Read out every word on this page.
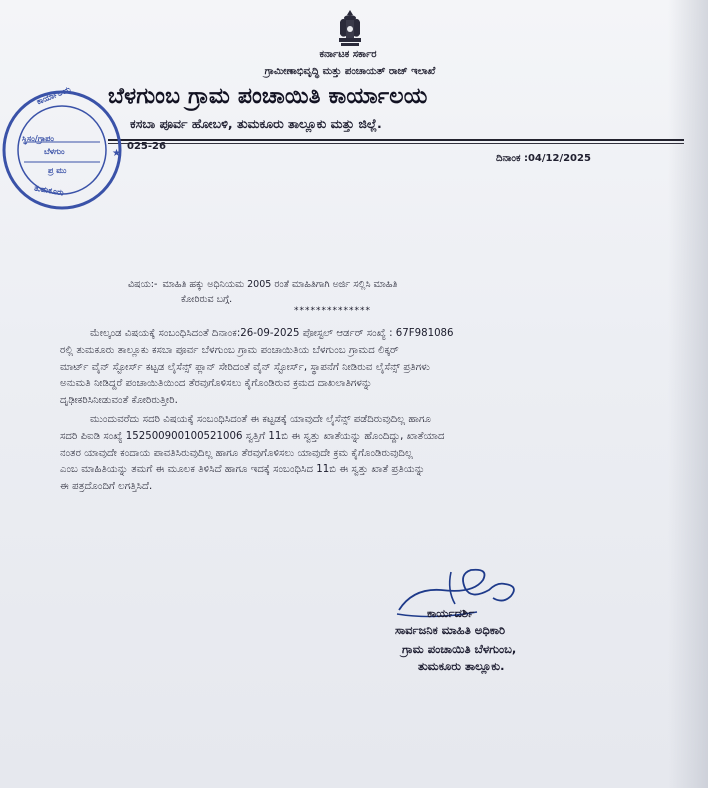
ಕರ್ನಾಟಕ ಸರ್ಕಾರ
ಗ್ರಾಮೀಣಾಭಿವೃದ್ಧಿ ಮತ್ತು ಪಂಚಾಯತ್ ರಾಜ್ ಇಲಾಖೆ
ಬೆಳಗುಂಬ ಗ್ರಾಮ ಪಂಚಾಯಿತಿ ಕಾರ್ಯಾಲಯ
ಕಸಬಾ ಪೂರ್ವ ಹೋಬಳಿ, ತುಮಕೂರು ತಾಲ್ಲೂಕು ಮತ್ತು ಜಿಲ್ಲೆ.
025-26
ದಿನಾಂಕ :04/12/2025
★
ಕಾರ್ಯಾಲಯ
ಸ್ಥಿಸಂ/ಗ್ರಾಪಂ
ಬೆಳಗುಂ
ಪ್ರ ಮು
ತುಮಕೂರು
ವಿಷಯ:- ಮಾಹಿತಿ ಹಕ್ಕು ಅಧಿನಿಯಮ 2005 ರಂತೆ ಮಾಹಿತಿಗಾಗಿ ಅರ್ಜಿ ಸಲ್ಲಿಸಿ ಮಾಹಿತಿ
ಕೋರಿರುವ ಬಗ್ಗೆ.
**************
ಮೇಲ್ಕಂಡ ವಿಷಯಕ್ಕೆ ಸಂಬಂಧಿಸಿದಂತೆ ದಿನಾಂಕ:26-09-2025 ಪೋಸ್ಟಲ್ ಆರ್ಡರ್ ಸಂಖ್ಯೆ : 67F981086
ರಲ್ಲಿ ತುಮಕೂರು ತಾಲ್ಲೂಕು ಕಸಬಾ ಪೂರ್ವ ಬೆಳಗುಂಬ ಗ್ರಾಮ ಪಂಚಾಯಿತಿಯ ಬೆಳಗುಂಬ ಗ್ರಾಮದ ಲಿಕ್ಕರ್
ಮಾರ್ಟ್ ವೈನ್ ಸ್ಟೋರ್ಸ್ ಕಟ್ಟಡ ಲೈಸೆನ್ಸ್ ಪ್ಲಾನ್ ಸೇರಿದಂತೆ ವೈನ್ ಸ್ಟೋರ್ಸ್, ಸ್ಥಾಪನೆಗೆ ನೀಡಿರುವ ಲೈಸೆನ್ಸ್ ಪ್ರತಿಗಳು
ಅನುಮತಿ ನೀಡಿದ್ದರೆ ಪಂಚಾಯಿತಿಯಿಂದ ತೆರವುಗೊಳಿಸಲು ಕೈಗೊಂಡಿರುವ ಕ್ರಮದ ದಾಖಲಾತಿಗಳನ್ನು
ದೃಢೀಕರಿಸಿನೀಡುವಂತೆ ಕೋರಿರುತ್ತೀರಿ.
ಮುಂದುವರೆದು ಸದರಿ ವಿಷಯಕ್ಕೆ ಸಂಬಂಧಿಸಿದಂತೆ ಈ ಕಟ್ಟಡಕ್ಕೆ ಯಾವುದೇ ಲೈಸೆನ್ಸ್ ಪಡೆದಿರುವುದಿಲ್ಲ ಹಾಗೂ
ಸದರಿ ಪಿಐಡಿ ಸಂಖ್ಯೆ 152500900100521006 ಸ್ವತ್ತಿಗೆ 11ಬಿ ಈ ಸ್ವತ್ತು ಖಾತೆಯನ್ನು ಹೊಂದಿದ್ದು, ಖಾತೆಯಾದ
ನಂತರ ಯಾವುದೇ ಕಂದಾಯ ಪಾವತಿಸಿರುವುದಿಲ್ಲ ಹಾಗೂ ತೆರವುಗೊಳಿಸಲು ಯಾವುದೇ ಕ್ರಮ ಕೈಗೊಂಡಿರುವುದಿಲ್ಲ
ಎಂಬ ಮಾಹಿತಿಯನ್ನು ತಮಗೆ ಈ ಮೂಲಕ ತಿಳಿಸಿದೆ ಹಾಗೂ ಇದಕ್ಕೆ ಸಂಬಂಧಿಸಿದ 11ಬಿ ಈ ಸ್ವತ್ತು ಖಾತೆ ಪ್ರತಿಯನ್ನು
ಈ ಪತ್ರದೊಂದಿಗೆ ಲಗತ್ತಿಸಿದೆ.
ಕಾರ್ಯದರ್ಶಿ
ಸಾರ್ವಜನಿಕ ಮಾಹಿತಿ ಅಧಿಕಾರಿ
ಗ್ರಾಮ ಪಂಚಾಯಿತಿ ಬೆಳಗುಂಬ,
ತುಮಕೂರು ತಾಲ್ಲೂಕು.
